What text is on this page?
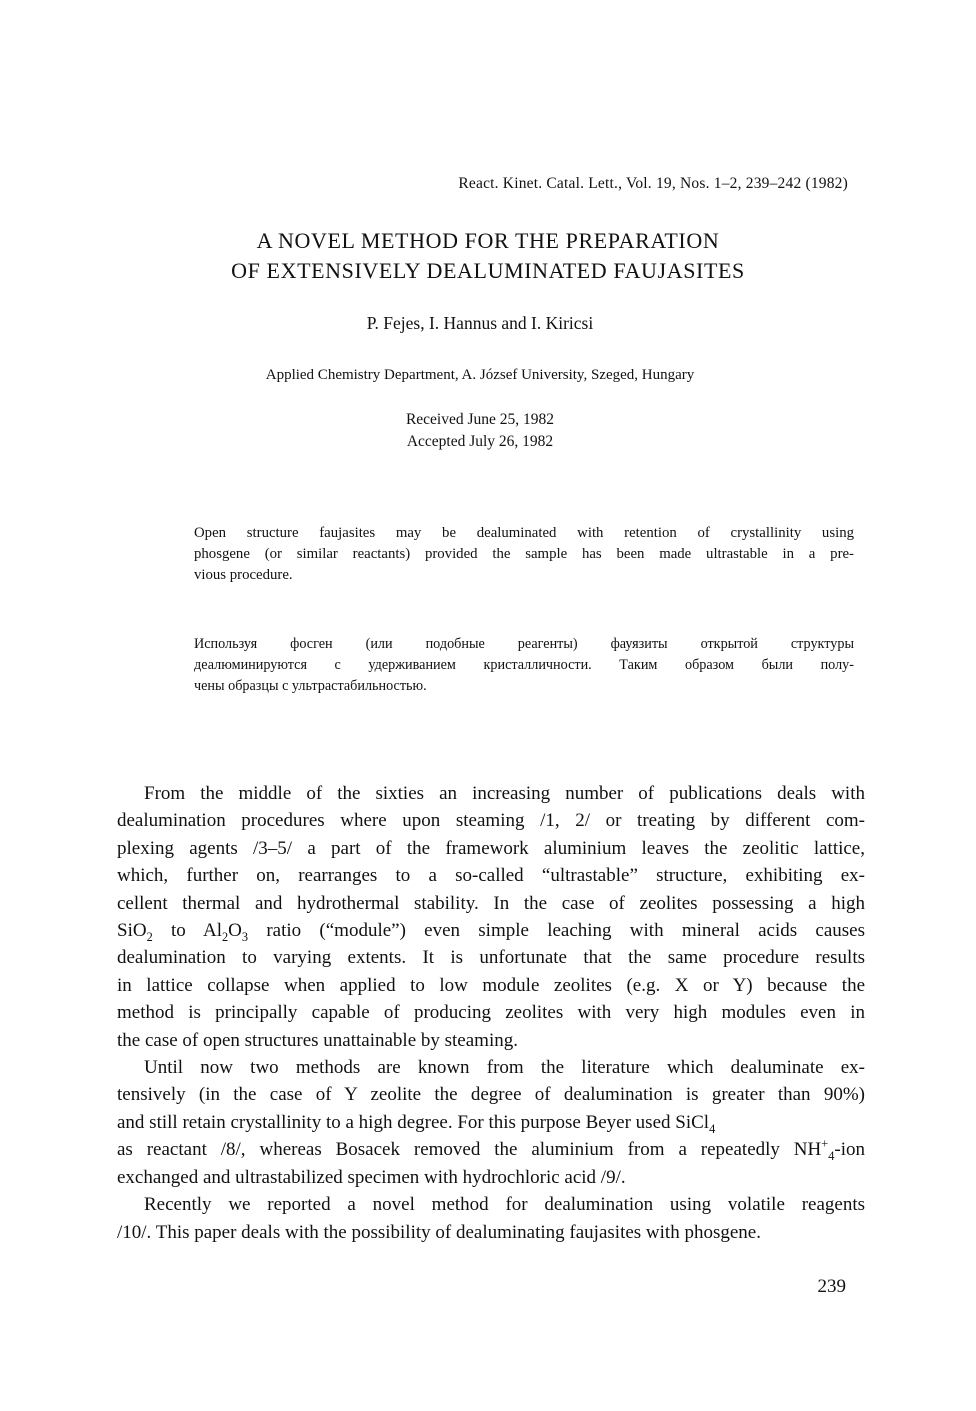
React. Kinet. Catal. Lett., Vol. 19, Nos. 1–2, 239–242 (1982)
A NOVEL METHOD FOR THE PREPARATION
OF EXTENSIVELY DEALUMINATED FAUJASITES
P. Fejes, I. Hannus and I. Kiricsi
Applied Chemistry Department, A. József University, Szeged, Hungary
Received June 25, 1982
Accepted July 26, 1982
Open structure faujasites may be dealuminated with retention of crystallinity using
phosgene (or similar reactants) provided the sample has been made ultrastable in a pre-
vious procedure.
Используя фосген (или подобные реагенты) фауязиты открытой структуры
деалюминируются с удерживанием кристалличности. Таким образом были полу-
чены образцы с ультрастабильностью.
From the middle of the sixties an increasing number of publications deals with
dealumination procedures where upon steaming /1, 2/ or treating by different com-
plexing agents /3–5/ a part of the framework aluminium leaves the zeolitic lattice,
which, further on, rearranges to a so-called “ultrastable” structure, exhibiting ex-
cellent thermal and hydrothermal stability. In the case of zeolites possessing a high
SiO$_2$ to $Al_2O_3$ ratio (“module”) even simple leaching with mineral acids causes
dealumination to varying extents. It is unfortunate that the same procedure results
in lattice collapse when applied to low module zeolites (e.g. X or Y) because the
method is principally capable of producing zeolites with very high modules even in
the case of open structures unattainable by steaming.
Until now two methods are known from the literature which dealuminate ex-
tensively (in the case of Y zeolite the degree of dealumination is greater than 90%)
and still retain crystallinity to a high degree. For this purpose Beyer used SiCl$_4$
as reactant /8/, whereas Bosacek removed the aluminium from a repeatedly $NH^+_4$-ion
exchanged and ultrastabilized specimen with hydrochloric acid /9/.
Recently we reported a novel method for dealumination using volatile reagents
/10/. This paper deals with the possibility of dealuminating faujasites with phosgene.
239
